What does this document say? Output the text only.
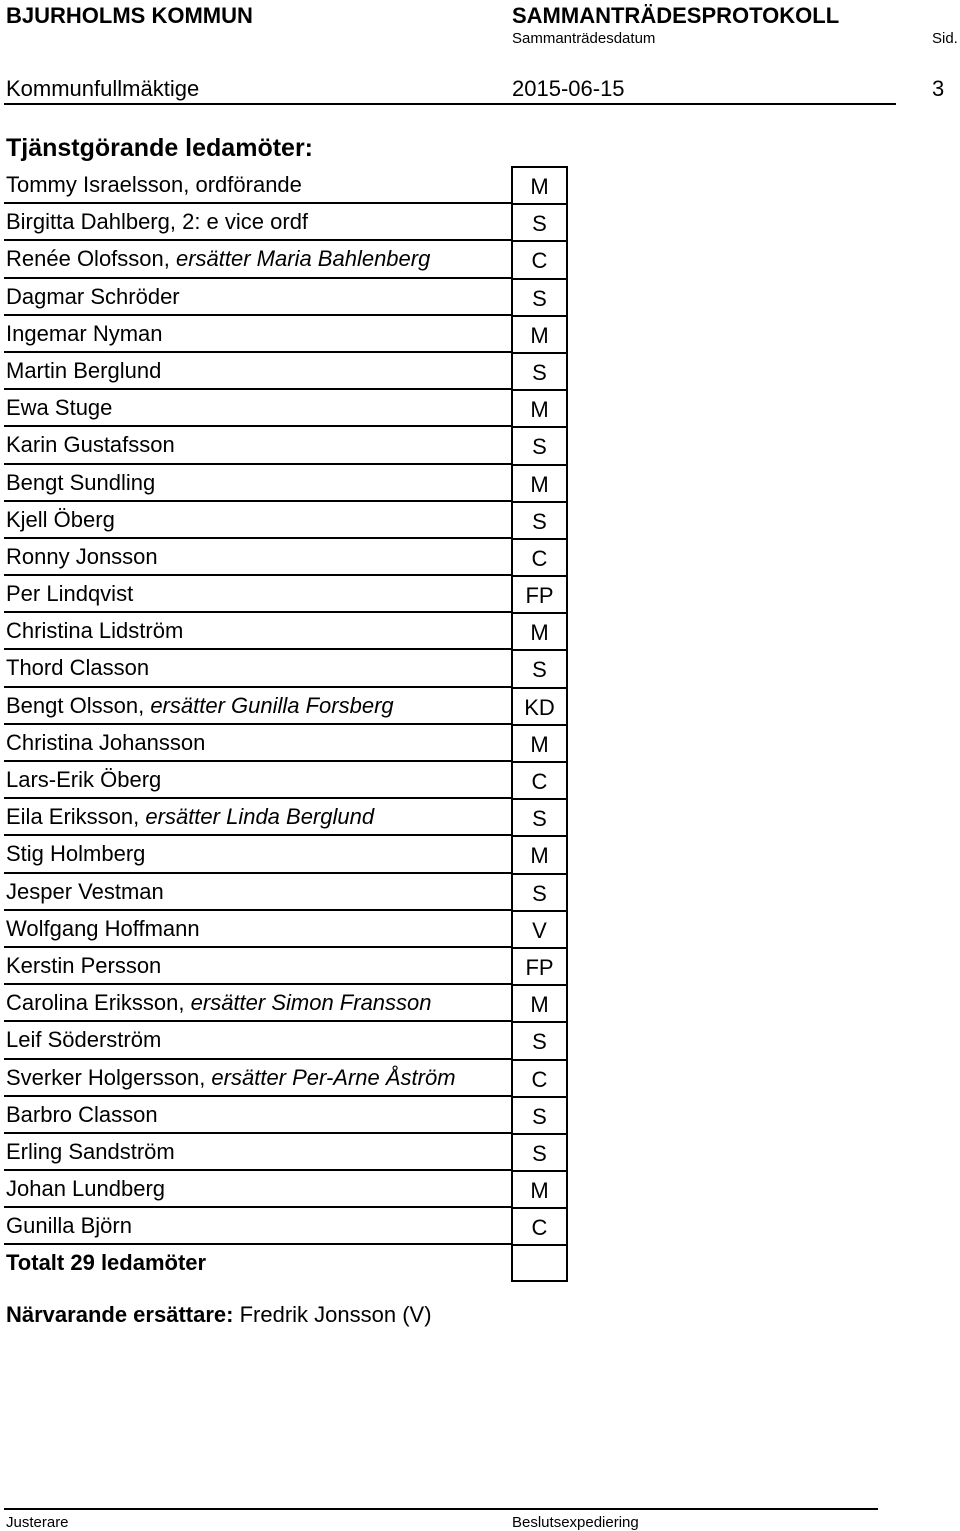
BJURHOLMS KOMMUN	SAMMANTRÄDESPROTOKOLL
Sammanträdesdatum	Sid.
Kommunfullmäktige	2015-06-15	3
Tjänstgörande ledamöter:
Tommy Israelsson, ordförande	M
Birgitta Dahlberg, 2: e vice ordf	S
Renée Olofsson, ersätter Maria Bahlenberg	C
Dagmar Schröder	S
Ingemar Nyman	M
Martin Berglund	S
Ewa Stuge	M
Karin Gustafsson	S
Bengt Sundling	M
Kjell Öberg	S
Ronny Jonsson	C
Per Lindqvist	FP
Christina Lidström	M
Thord Classon	S
Bengt Olsson, ersätter Gunilla Forsberg	KD
Christina Johansson	M
Lars-Erik Öberg	C
Eila Eriksson, ersätter Linda Berglund	S
Stig Holmberg	M
Jesper Vestman	S
Wolfgang Hoffmann	V
Kerstin Persson	FP
Carolina Eriksson, ersätter Simon Fransson	M
Leif Söderström	S
Sverker Holgersson, ersätter Per-Arne Åström	C
Barbro Classon	S
Erling Sandström	S
Johan Lundberg	M
Gunilla Björn	C
Totalt 29 ledamöter
Närvarande ersättare: Fredrik Jonsson (V)
Justerare	Beslutsexpediering
